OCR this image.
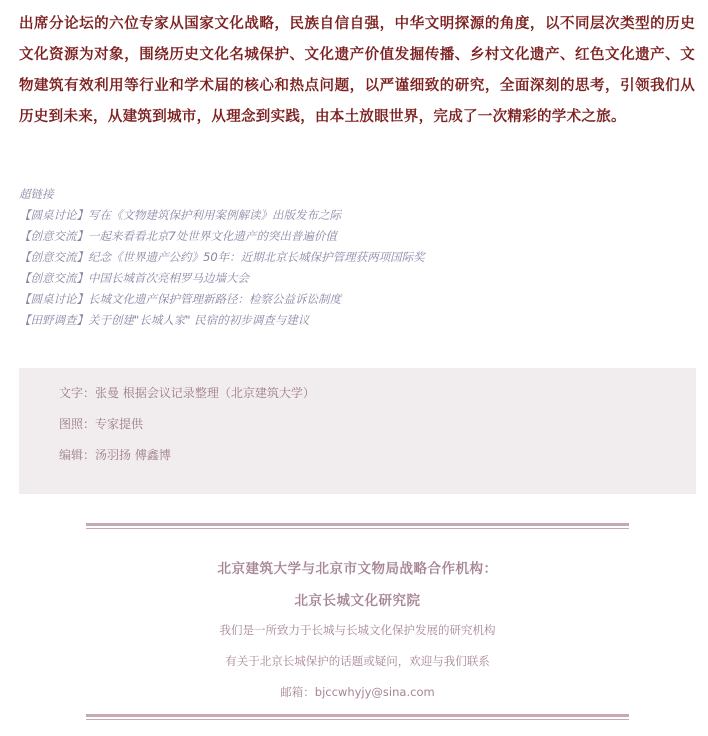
出席分论坛的六位专家从国家文化战略，民族自信自强，中华文明探源的角度，以不同层次类型的历史文化资源为对象，围绕历史文化名城保护、文化遗产价值发掘传播、乡村文化遗产、红色文化遗产、文物建筑有效利用等行业和学术届的核心和热点问题，以严谨细致的研究，全面深刻的思考，引领我们从历史到未来，从建筑到城市，从理念到实践，由本土放眼世界，完成了一次精彩的学术之旅。

超链接
【圆桌讨论】写在《文物建筑保护利用案例解读》出版发布之际
【创意交流】一起来看看北京7处世界文化遗产的突出普遍价值
【创意交流】纪念《世界遗产公约》50年：近期北京长城保护管理获两项国际奖
【创意交流】中国长城首次亮相罗马边墙大会
【圆桌讨论】长城文化遗产保护管理新路径：检察公益诉讼制度
【田野调查】关于创建"长城人家" 民宿的初步调查与建议
文字：张曼 根据会议记录整理（北京建筑大学）
图照：专家提供
编辑：汤羽扬 傅鑫博
北京建筑大学与北京市文物局战略合作机构：
北京长城文化研究院
我们是一所致力于长城与长城文化保护发展的研究机构
有关于北京长城保护的话题或疑问，欢迎与我们联系
邮箱：bjccwhyjy@sina.com
